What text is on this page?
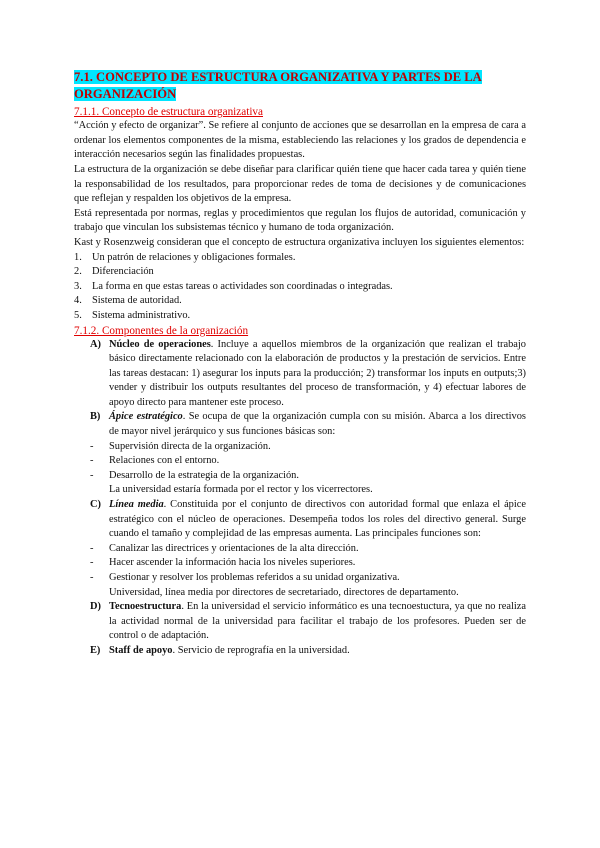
7.1. CONCEPTO DE ESTRUCTURA ORGANIZATIVA Y PARTES DE LA ORGANIZACIÓN
7.1.1. Concepto de estructura organizativa

“Acción y efecto de organizar”. Se refiere al conjunto de acciones que se desarrollan en la empresa de cara a ordenar los elementos componentes de la misma, estableciendo las relaciones y los grados de dependencia e interacción necesarios según las finalidades propuestas.

La estructura de la organización se debe diseñar para clarificar quién tiene que hacer cada tarea y quién tiene la responsabilidad de los resultados, para proporcionar redes de toma de decisiones y de comunicaciones que reflejan y respalden los objetivos de la empresa.

Está representada por normas, reglas y procedimientos que regulan los flujos de autoridad, comunicación y trabajo que vinculan los subsistemas técnico y humano de toda organización.

Kast y Rosenzweig consideran que el concepto de estructura organizativa incluyen los siguientes elementos:

1. Un patrón de relaciones y obligaciones formales.
2. Diferenciación
3. La forma en que estas tareas o actividades son coordinadas o integradas.
4. Sistema de autoridad.
5. Sistema administrativo.
7.1.2. Componentes de la organización
A) Núcleo de operaciones. Incluye a aquellos miembros de la organización que realizan el trabajo básico directamente relacionado con la elaboración de productos y la prestación de servicios. Entre las tareas destacan: 1) asegurar los inputs para la producción; 2) transformar los inputs en outputs;3) vender y distribuir los outputs resultantes del proceso de transformación, y 4) efectuar labores de apoyo directo para mantener este proceso.
B) Ápice estratégico. Se ocupa de que la organización cumpla con su misión. Abarca a los directivos de mayor nivel jerárquico y sus funciones básicas son:
- Supervisión directa de la organización.
- Relaciones con el entorno.
- Desarrollo de la estrategia de la organización.
La universidad estaría formada por el rector y los vicerrectores.
C) Línea media. Constituida por el conjunto de directivos con autoridad formal que enlaza el ápice estratégico con el núcleo de operaciones. Desempeña todos los roles del directivo general. Surge cuando el tamaño y complejidad de las empresas aumenta. Las principales funciones son:
- Canalizar las directrices y orientaciones de la alta dirección.
- Hacer ascender la información hacia los niveles superiores.
- Gestionar y resolver los problemas referidos a su unidad organizativa.
Universidad, línea media por directores de secretariado, directores de departamento.
D) Tecnoestructura. En la universidad el servicio informático es una tecnoestuctura, ya que no realiza la actividad normal de la universidad para facilitar el trabajo de los profesores. Pueden ser de control o de adaptación.
E) Staff de apoyo. Servicio de reprografía en la universidad.
